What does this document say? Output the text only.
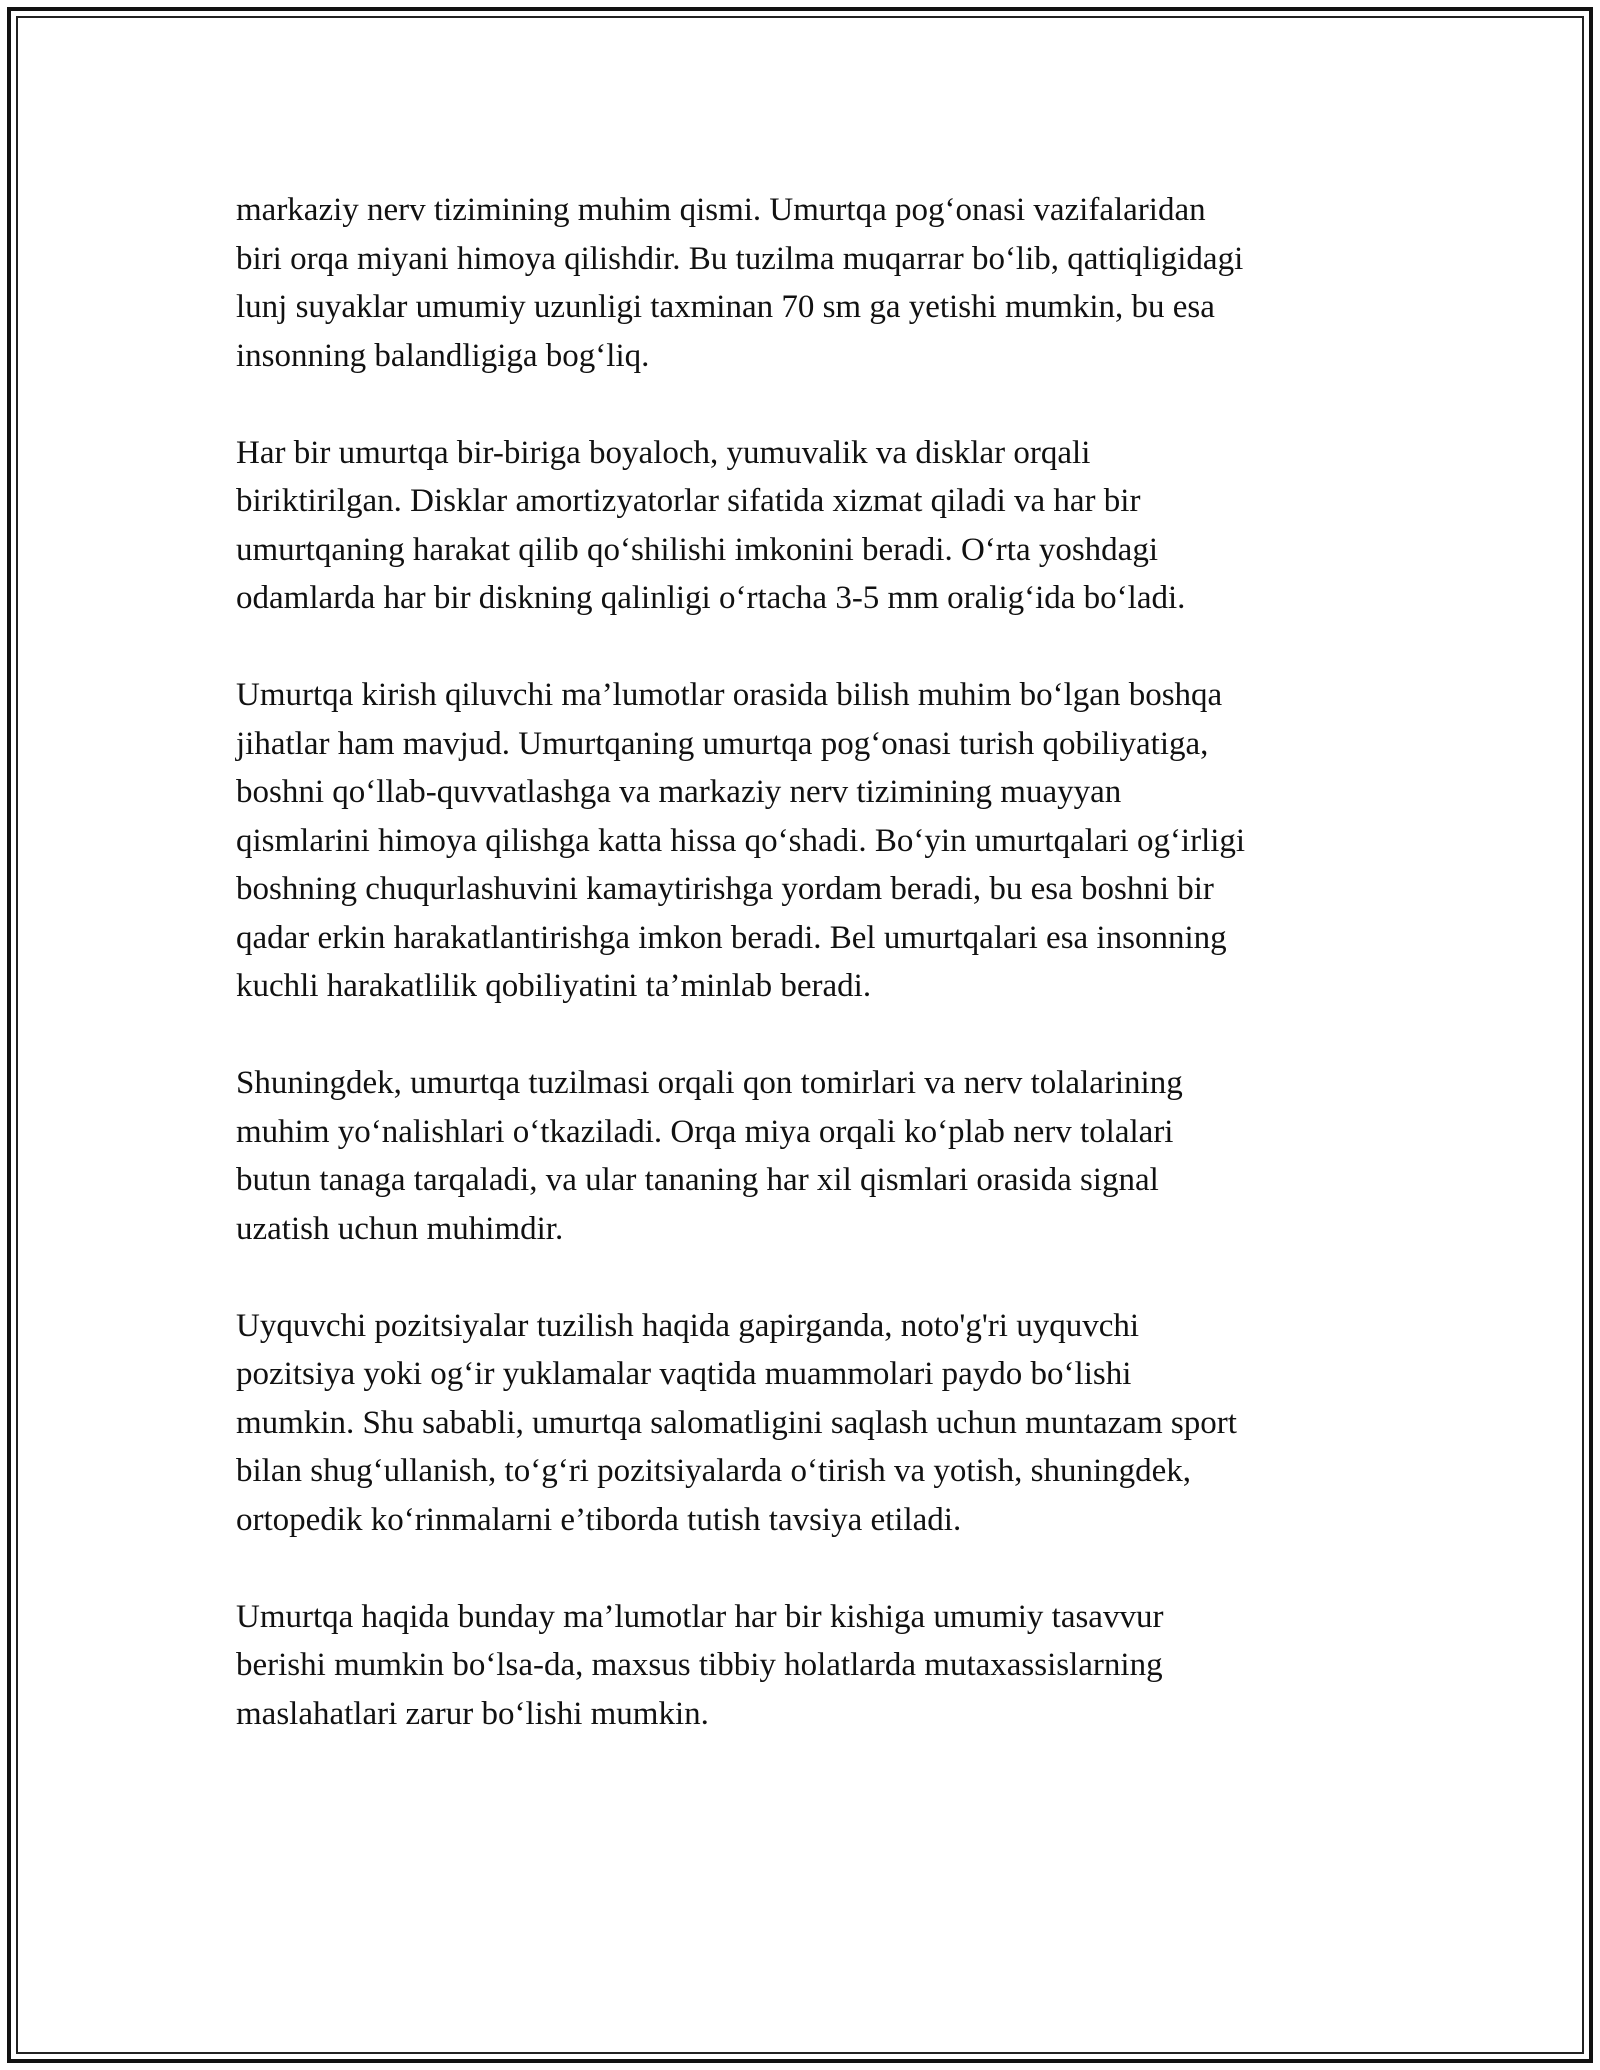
markaziy nerv tizimining muhim qismi. Umurtqa pog‘onasi vazifalaridan
biri orqa miyani himoya qilishdir. Bu tuzilma muqarrar bo‘lib, qattiqligidagi
lunj suyaklar umumiy uzunligi taxminan 70 sm ga yetishi mumkin, bu esa
insonning balandligiga bog‘liq.

Har bir umurtqa bir-biriga boyaloch, yumuvalik va disklar orqali
biriktirilgan. Disklar amortizyatorlar sifatida xizmat qiladi va har bir
umurtqaning harakat qilib qo‘shilishi imkonini beradi. O‘rta yoshdagi
odamlarda har bir diskning qalinligi o‘rtacha 3-5 mm oralig‘ida bo‘ladi.

Umurtqa kirish qiluvchi ma’lumotlar orasida bilish muhim bo‘lgan boshqa
jihatlar ham mavjud. Umurtqaning umurtqa pog‘onasi turish qobiliyatiga,
boshni qo‘llab-quvvatlashga va markaziy nerv tizimining muayyan
qismlarini himoya qilishga katta hissa qo‘shadi. Bo‘yin umurtqalari og‘irligi
boshning chuqurlashuvini kamaytirishga yordam beradi, bu esa boshni bir
qadar erkin harakatlantirishga imkon beradi. Bel umurtqalari esa insonning
kuchli harakatlilik qobiliyatini ta’minlab beradi.

Shuningdek, umurtqa tuzilmasi orqali qon tomirlari va nerv tolalarining
muhim yo‘nalishlari o‘tkaziladi. Orqa miya orqali ko‘plab nerv tolalari
butun tanaga tarqaladi, va ular tananing har xil qismlari orasida signal
uzatish uchun muhimdir.

Uyquvchi pozitsiyalar tuzilish haqida gapirganda, noto'g'ri uyquvchi
pozitsiya yoki og‘ir yuklamalar vaqtida muammolari paydo bo‘lishi
mumkin. Shu sababli, umurtqa salomatligini saqlash uchun muntazam sport
bilan shug‘ullanish, to‘g‘ri pozitsiyalarda o‘tirish va yotish, shuningdek,
ortopedik ko‘rinmalarni e’tiborda tutish tavsiya etiladi.

Umurtqa haqida bunday ma’lumotlar har bir kishiga umumiy tasavvur
berishi mumkin bo‘lsa-da, maxsus tibbiy holatlarda mutaxassislarning
maslahatlari zarur bo‘lishi mumkin.
